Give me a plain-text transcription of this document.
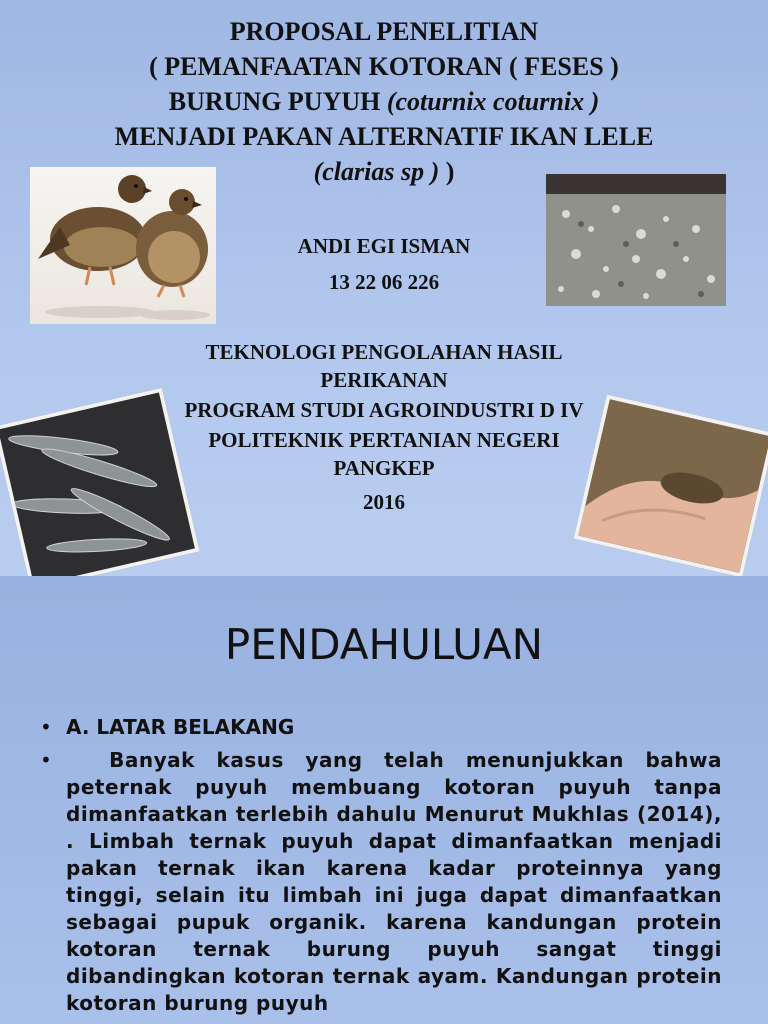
PROPOSAL PENELITIAN
( PEMANFAATAN KOTORAN ( FESES )
BURUNG PUYUH (coturnix coturnix )
MENJADI PAKAN ALTERNATIF IKAN LELE
(clarias sp ) )
ANDI EGI ISMAN
13 22 06 226
TEKNOLOGI PENGOLAHAN HASIL PERIKANAN
PROGRAM STUDI AGROINDUSTRI D IV
POLITEKNIK PERTANIAN NEGERI PANGKEP
2016
PENDAHULUAN
• A. LATAR BELAKANG
• Banyak kasus yang telah menunjukkan bahwa peternak puyuh membuang kotoran puyuh tanpa dimanfaatkan terlebih dahulu Menurut Mukhlas (2014), . Limbah ternak puyuh dapat dimanfaatkan menjadi pakan ternak ikan karena kadar proteinnya yang tinggi, selain itu limbah ini juga dapat dimanfaatkan sebagai pupuk organik. karena kandungan protein kotoran ternak burung puyuh sangat tinggi dibandingkan kotoran ternak ayam. Kandungan protein kotoran burung puyuh
